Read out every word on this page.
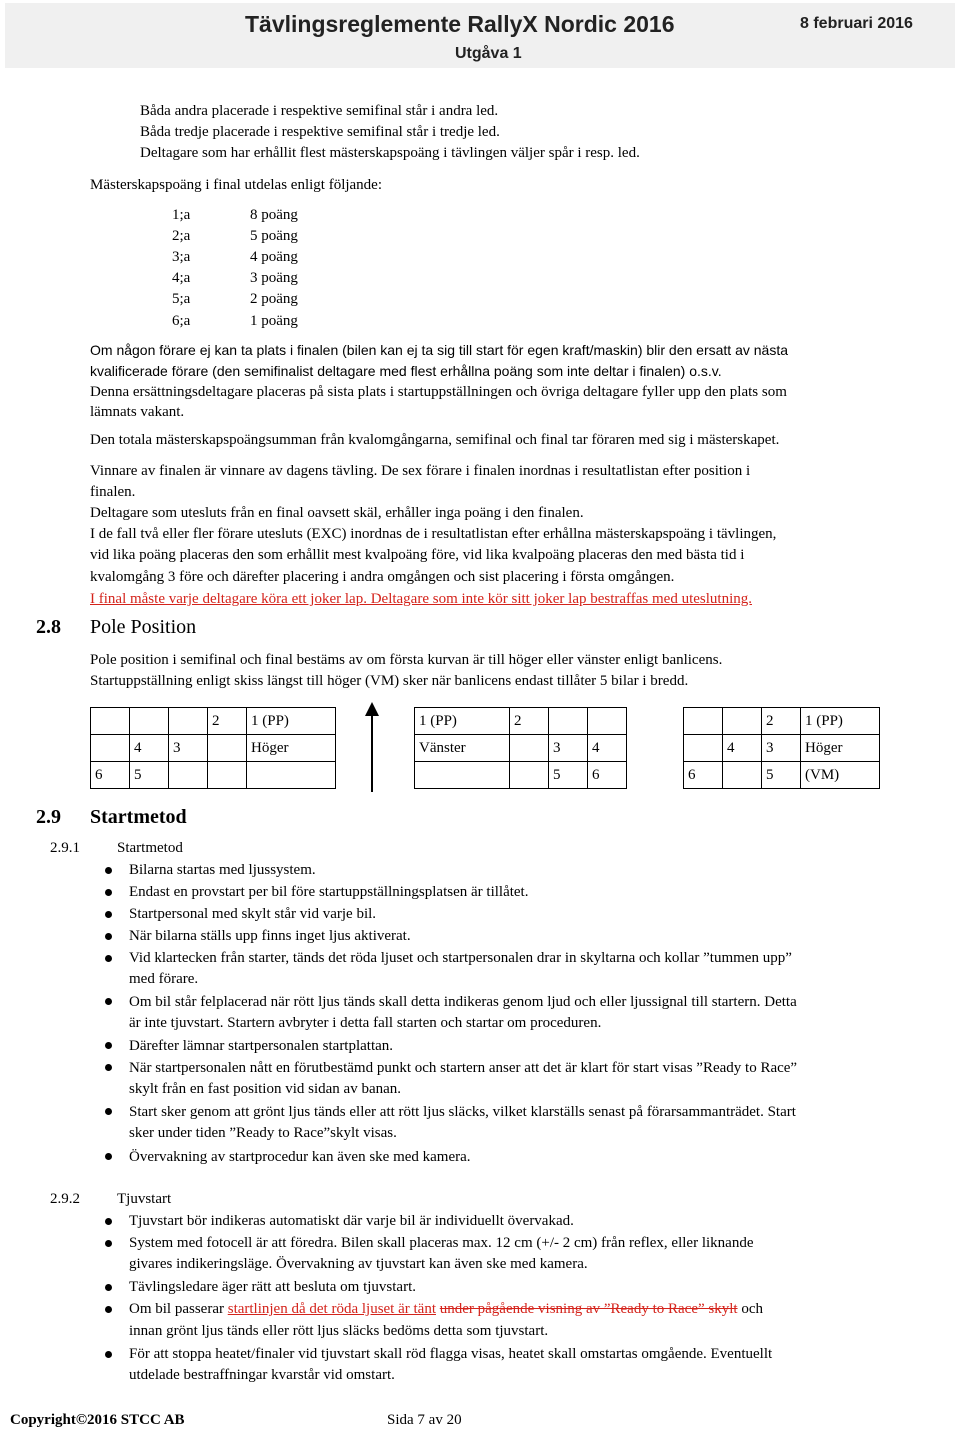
Tävlingsreglemente RallyX Nordic 2016	8 februari 2016
Utgåva 1
Båda andra placerade i respektive semifinal står i andra led.
Båda tredje placerade i respektive semifinal står i tredje led.
Deltagare som har erhållit flest mästerskapspoäng i tävlingen väljer spår i resp. led.
Mästerskapspoäng i final utdelas enligt följande:
1;a	8 poäng
2;a	5 poäng
3;a	4 poäng
4;a	3 poäng
5;a	2 poäng
6;a	1 poäng
Om någon förare ej kan ta plats i finalen (bilen kan ej ta sig till start för egen kraft/maskin) blir den ersatt av nästa
kvalificerade förare (den semifinalist deltagare med flest erhållna poäng som inte deltar i finalen) o.s.v.
Denna ersättningsdeltagare placeras på sista plats i startuppställningen och övriga deltagare fyller upp den plats som
lämnats vakant.
Den totala mästerskapspoängsumman från kvalomgångarna, semifinal och final tar föraren med sig i mästerskapet.
Vinnare av finalen är vinnare av dagens tävling. De sex förare i finalen inordnas i resultatlistan efter position i
finalen.
Deltagare som utesluts från en final oavsett skäl, erhåller inga poäng i den finalen.
I de fall två eller fler förare utesluts (EXC) inordnas de i resultatlistan efter erhållna mästerskapspoäng i tävlingen,
vid lika poäng placeras den som erhållit mest kvalpoäng före, vid lika kvalpoäng placeras den med bästa tid i
kvalomgång 3 före och därefter placering i andra omgången och sist placering i första omgången.
I final måste varje deltagare köra ett joker lap. Deltagare som inte kör sitt joker lap bestraffas med uteslutning.
2.8 Pole Position
Pole position i semifinal och final bestäms av om första kurvan är till höger eller vänster enligt banlicens.
Startuppställning enligt skiss längst till höger (VM) sker när banlicens endast tillåter 5 bilar i bredd.
			2	1 (PP)
	4	3		Höger
6	5			
1 (PP)	2		
Vänster		3	4
		5	6
		2	1 (PP)
	4	3	Höger
6		5	(VM)
2.9 Startmetod
2.9.1 Startmetod
Bilarna startas med ljussystem.
Endast en provstart per bil före startuppställningsplatsen är tillåtet.
Startpersonal med skylt står vid varje bil.
När bilarna ställs upp finns inget ljus aktiverat.
Vid klartecken från starter, tänds det röda ljuset och startpersonalen drar in skyltarna och kollar ”tummen upp”
med förare.
Om bil står felplacerad när rött ljus tänds skall detta indikeras genom ljud och eller ljussignal till startern. Detta
är inte tjuvstart. Startern avbryter i detta fall starten och startar om proceduren.
Därefter lämnar startpersonalen startplattan.
När startpersonalen nått en förutbestämd punkt och startern anser att det är klart för start visas ”Ready to Race”
skylt från en fast position vid sidan av banan.
Start sker genom att grönt ljus tänds eller att rött ljus släcks, vilket klarställs senast på förarsammanträdet. Start
sker under tiden ”Ready to Race”skylt visas.
Övervakning av startprocedur kan även ske med kamera.
2.9.2 Tjuvstart
Tjuvstart bör indikeras automatiskt där varje bil är individuellt övervakad.
System med fotocell är att föredra. Bilen skall placeras max. 12 cm (+/- 2 cm) från reflex, eller liknande
givares indikeringsläge. Övervakning av tjuvstart kan även ske med kamera.
Tävlingsledare äger rätt att besluta om tjuvstart.
Om bil passerar startlinjen då det röda ljuset är tänt under pågående visning av ”Ready to Race” skylt och
innan grönt ljus tänds eller rött ljus släcks bedöms detta som tjuvstart.
För att stoppa heatet/finaler vid tjuvstart skall röd flagga visas, heatet skall omstartas omgående. Eventuellt
utdelade bestraffningar kvarstår vid omstart.
Copyright©2016 STCC AB	Sida 7 av 20
